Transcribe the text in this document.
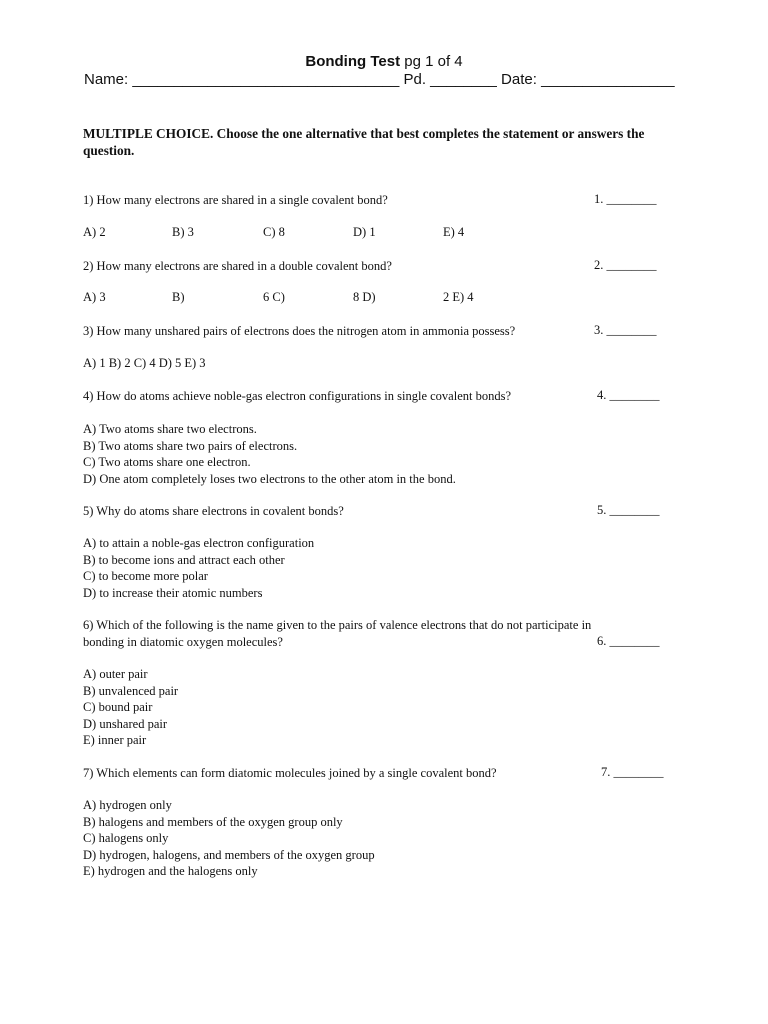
Bonding Test pg 1 of 4
Name: ________________________________ Pd. ________ Date: ________________
MULTIPLE CHOICE. Choose the one alternative that best completes the statement or answers the question.
1) How many electrons are shared in a single covalent bond?	1. ________
A) 2	B) 3	C) 8	D) 1	E) 4
2) How many electrons are shared in a double covalent bond?	2. ________
A) 3	B)	6 C)	8 D)	2 E) 4
3) How many unshared pairs of electrons does the nitrogen atom in ammonia possess?	3. ________
A) 1 B) 2 C) 4 D) 5 E) 3
4) How do atoms achieve noble-gas electron configurations in single covalent bonds?	4. ________
A) Two atoms share two electrons.
B) Two atoms share two pairs of electrons.
C) Two atoms share one electron.
D) One atom completely loses two electrons to the other atom in the bond.
5) Why do atoms share electrons in covalent bonds?	5. ________
A) to attain a noble-gas electron configuration
B) to become ions and attract each other
C) to become more polar
D) to increase their atomic numbers
6) Which of the following is the name given to the pairs of valence electrons that do not participate in
bonding in diatomic oxygen molecules?	6. ________
A) outer pair
B) unvalenced pair
C) bound pair
D) unshared pair
E) inner pair
7) Which elements can form diatomic molecules joined by a single covalent bond?	7. ________
A) hydrogen only
B) halogens and members of the oxygen group only
C) halogens only
D) hydrogen, halogens, and members of the oxygen group
E) hydrogen and the halogens only
